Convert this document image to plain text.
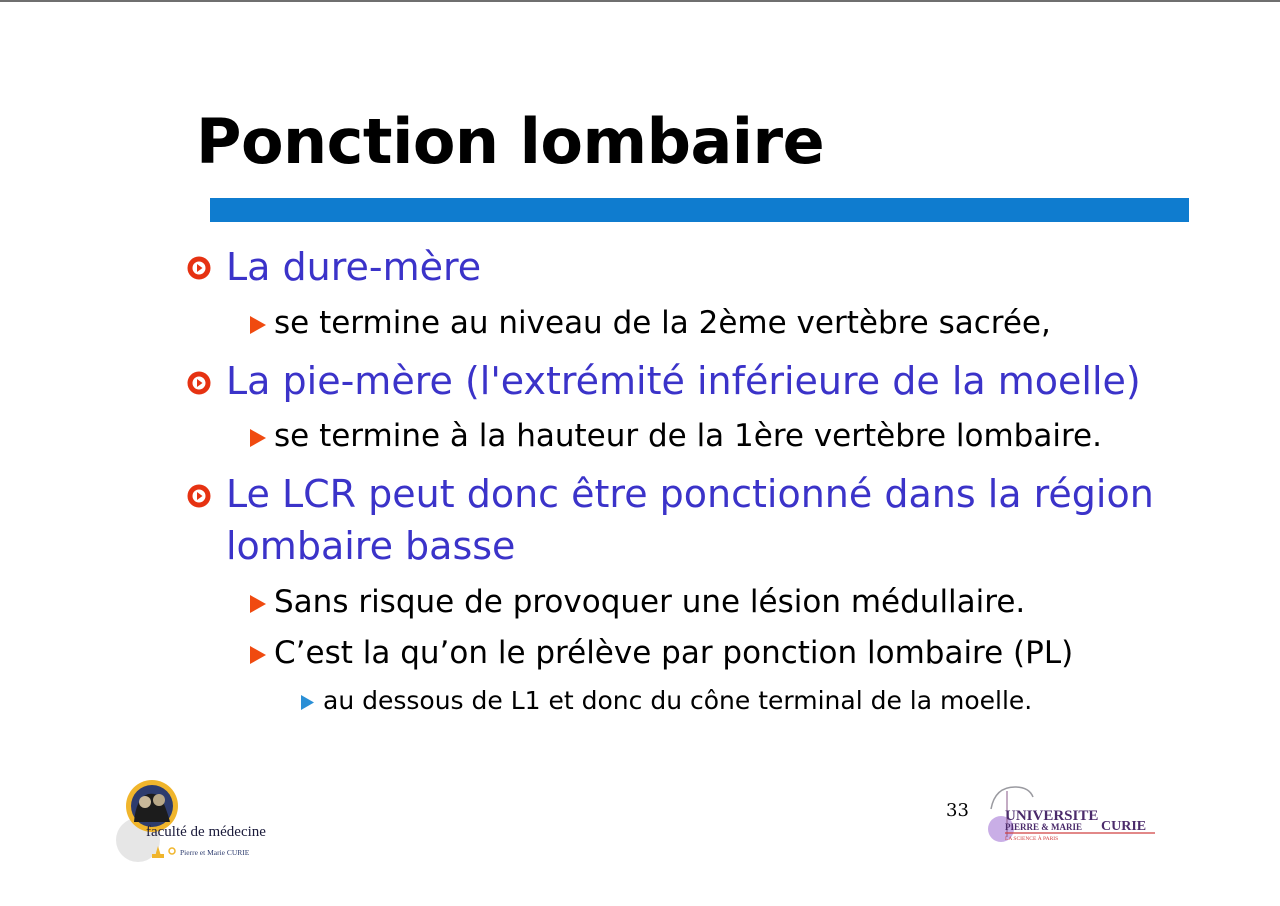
Ponction lombaire
La dure-mère
se termine au niveau de la 2ème vertèbre sacrée,
La pie-mère (l'extrémité inférieure de la moelle)
se termine à la hauteur de la 1ère vertèbre lombaire.
Le LCR peut donc être ponctionné dans la région
lombaire basse
Sans risque de provoquer une lésion médullaire.
C’est la qu’on le prélève par ponction lombaire (PL)
au dessous de L1 et donc du cône terminal de la moelle.
faculté de médecine
Pierre et Marie CURIE
33 UNIVERSITE
PIERRE & MARIE CURIE
LA SCIENCE À PARIS
